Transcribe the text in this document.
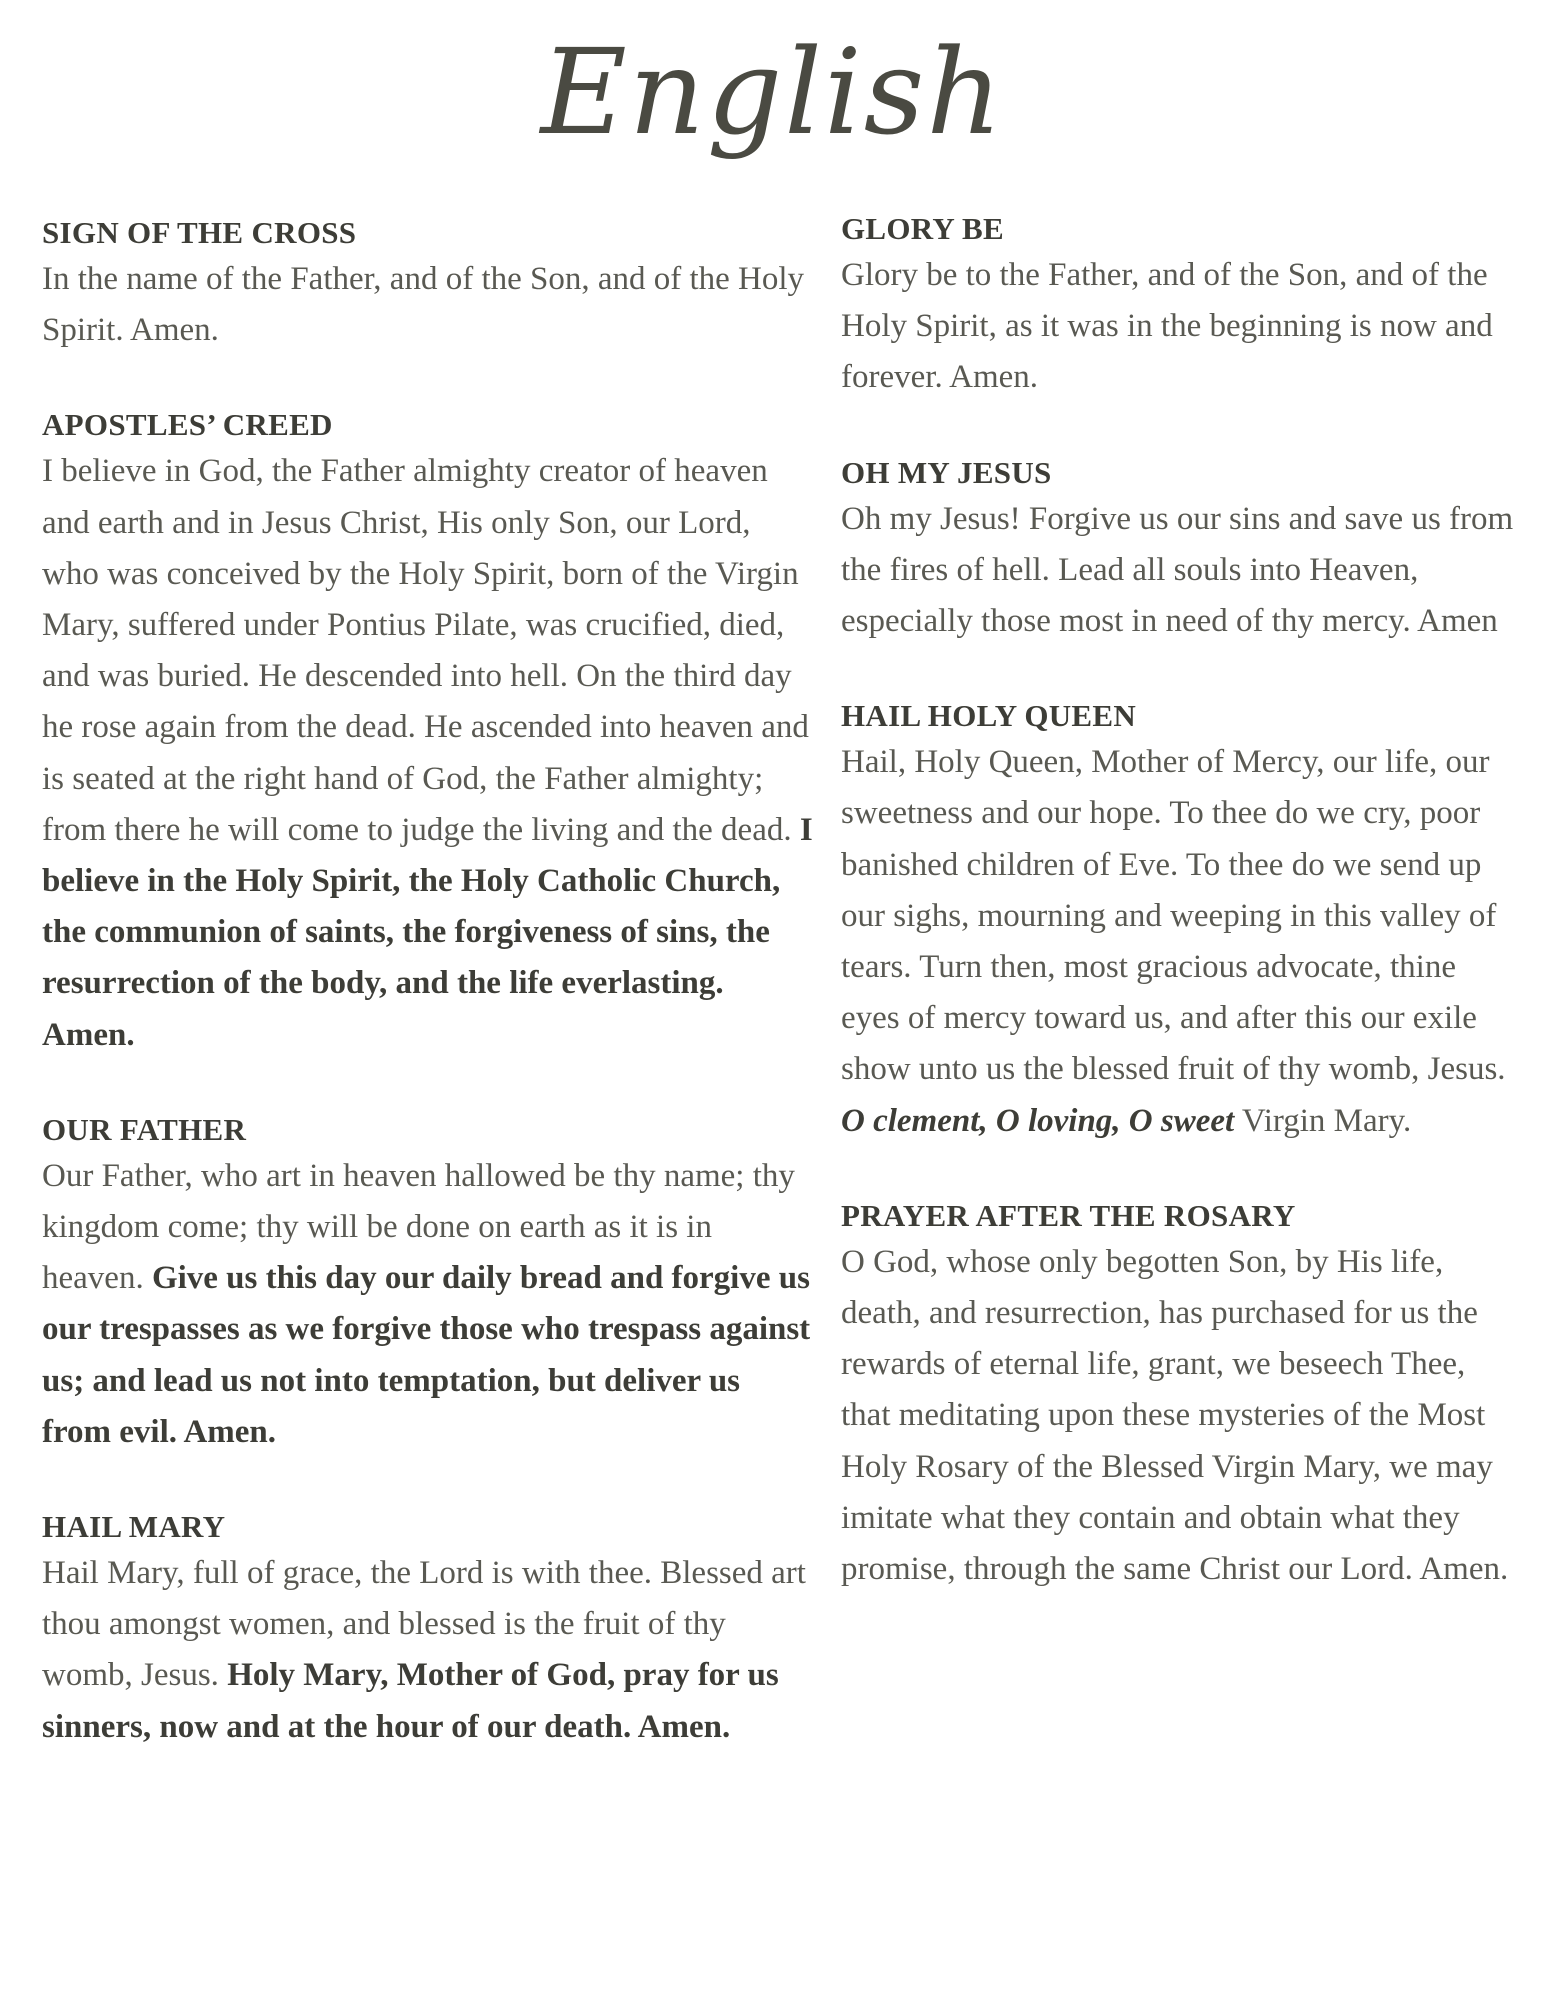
English
SIGN OF THE CROSS
In the name of the Father, and of the Son, and of the Holy Spirit. Amen.
APOSTLES’ CREED
I believe in God, the Father almighty creator of heaven and earth and in Jesus Christ, His only Son, our Lord, who was conceived by the Holy Spirit, born of the Virgin Mary, suffered under Pontius Pilate, was crucified, died, and was buried. He descended into hell. On the third day he rose again from the dead. He ascended into heaven and is seated at the right hand of God, the Father almighty; from there he will come to judge the living and the dead. I believe in the Holy Spirit, the Holy Catholic Church, the communion of saints, the forgiveness of sins, the resurrection of the body, and the life everlasting. Amen.
OUR FATHER
Our Father, who art in heaven hallowed be thy name; thy kingdom come; thy will be done on earth as it is in heaven. Give us this day our daily bread and forgive us our trespasses as we forgive those who trespass against us; and lead us not into temptation, but deliver us from evil. Amen.
HAIL MARY
Hail Mary, full of grace, the Lord is with thee. Blessed art thou amongst women, and blessed is the fruit of thy womb, Jesus. Holy Mary, Mother of God, pray for us sinners, now and at the hour of our death. Amen.
GLORY BE
Glory be to the Father, and of the Son, and of the Holy Spirit, as it was in the beginning is now and forever. Amen.
OH MY JESUS
Oh my Jesus! Forgive us our sins and save us from the fires of hell. Lead all souls into Heaven, especially those most in need of thy mercy. Amen
HAIL HOLY QUEEN
Hail, Holy Queen, Mother of Mercy, our life, our sweetness and our hope. To thee do we cry, poor banished children of Eve. To thee do we send up our sighs, mourning and weeping in this valley of tears. Turn then, most gracious advocate, thine eyes of mercy toward us, and after this our exile show unto us the blessed fruit of thy womb, Jesus. O clement, O loving, O sweet Virgin Mary.
PRAYER AFTER THE ROSARY
O God, whose only begotten Son, by His life, death, and resurrection, has purchased for us the rewards of eternal life, grant, we beseech Thee, that meditating upon these mysteries of the Most Holy Rosary of the Blessed Virgin Mary, we may imitate what they contain and obtain what they promise, through the same Christ our Lord. Amen.
